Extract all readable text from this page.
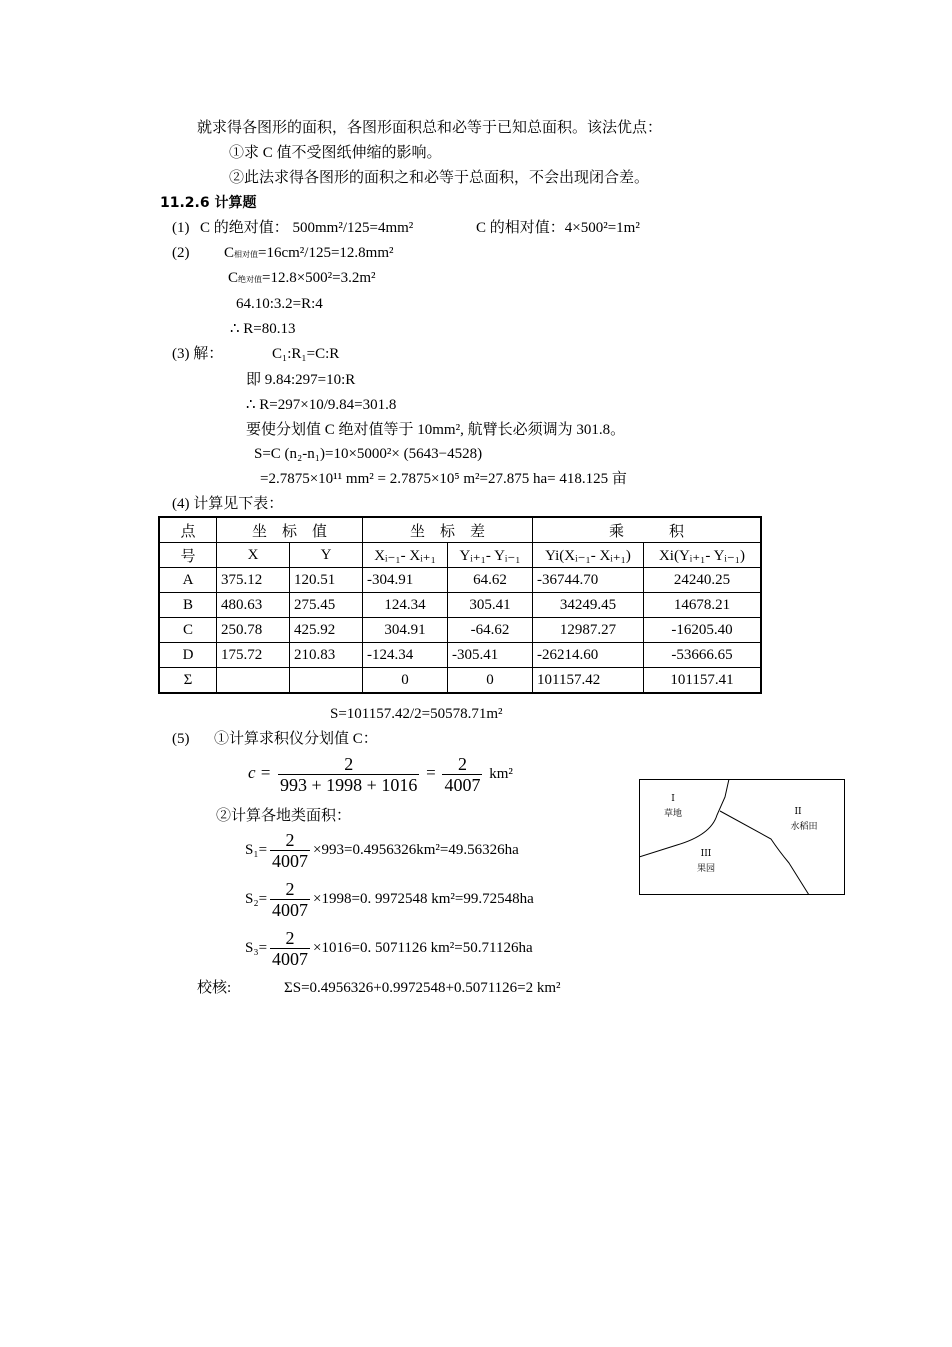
就求得各图形的面积，各图形面积总和必等于已知总面积。该法优点：
①求 C 值不受图纸伸缩的影响。
②此法求得各图形的面积之和必等于总面积，不会出现闭合差。
11.2.6 计算题
(1) C 的绝对值： 500mm²/125=4mm²	C 的相对值：4×500²=1m²
(2) C相对值=16cm²/125=12.8mm²
C绝对值=12.8×500²=3.2m²
64.10:3.2=R:4
∴ R=80.13
(3) 解：	C₁:R₁=C:R
即 9.84:297=10:R
∴ R=297×10/9.84=301.8
要使分划值 C 绝对值等于 10mm², 航臂长必须调为 301.8。
S=C (n₂-n₁)=10×5000²× (5643−4528)
=2.7875×10¹¹ mm² = 2.7875×10⁵ m²=27.875 ha= 418.125 亩
(4) 计算见下表：
点	坐　标　值		坐　标　差		乘　　　积	
号	X	Y	Xᵢ₋₁- Xᵢ₊₁	Yᵢ₊₁- Yᵢ₋₁	Yi(Xᵢ₋₁- Xᵢ₊₁)	Xi(Yᵢ₊₁- Yᵢ₋₁)
A	375.12	120.51	-304.91	64.62	-36744.70	24240.25
B	480.63	275.45	124.34	305.41	34249.45	14678.21
C	250.78	425.92	304.91	-64.62	12987.27	-16205.40
D	175.72	210.83	-124.34	-305.41	-26214.60	-53666.65
Σ			0	0	101157.42	101157.41
S=101157.42/2=50578.71m²
(5) ①计算求积仪分划值 C：
$c = \frac{2}{993 + 1998 + 1016} = \frac{2}{4007} km^2$
②计算各地类面积：
$S_1= \frac{2}{4007} \times 993=0.4956326km^2=49.56326ha$
$S_2= \frac{2}{4007} \times 1998=0$. 9972548 km²=99.72548ha
$S_3= \frac{2}{4007} \times 1016=0$. 5071126 km²=50.71126ha
校核:	ΣS=0.4956326+0.9972548+0.5071126=2 km²
I
草地	II
水稻田
III
果园
